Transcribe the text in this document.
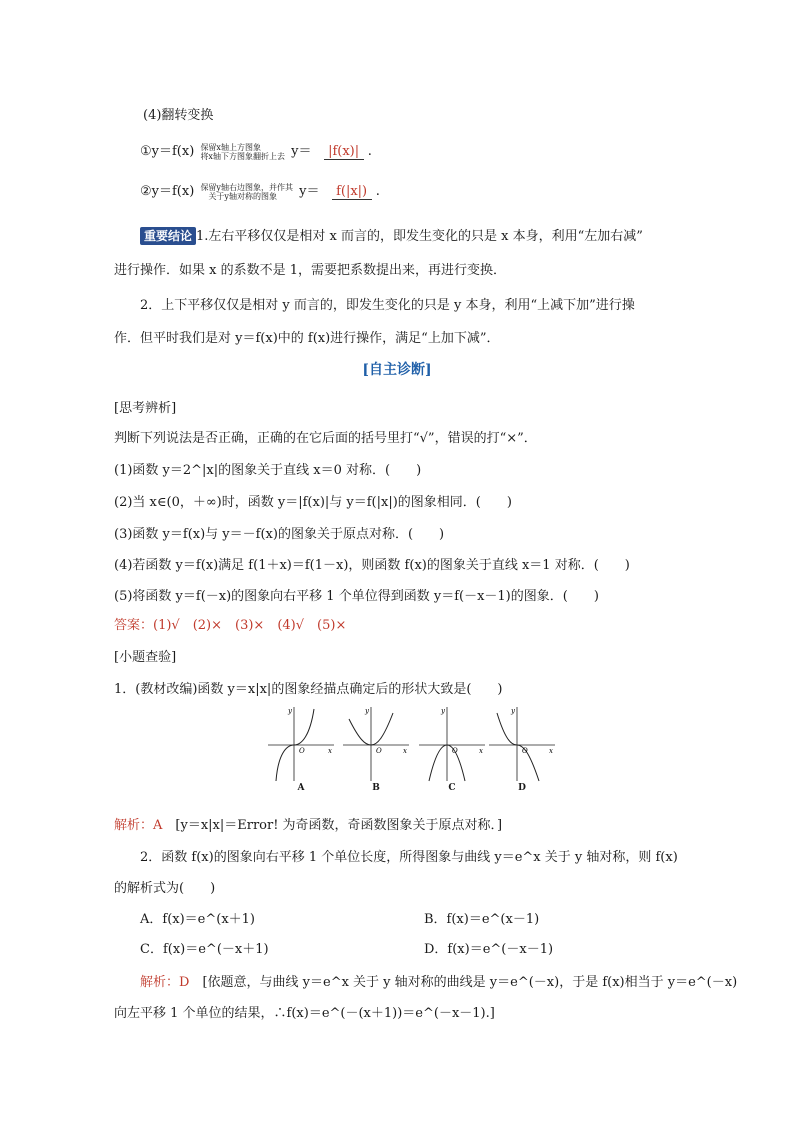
(4)翻转变换
①y＝f(x) 保留x轴上方图象
将x轴下方图象翻折上去 y＝ |f(x)| .
②y＝f(x) 保留y轴右边图象，并作其
关于y轴对称的图象	y＝ f(|x|) .
重要结论 1.左右平移仅仅是相对 x 而言的，即发生变化的只是 x 本身，利用“左加右减”
进行操作．如果 x 的系数不是 1，需要把系数提出来，再进行变换．
2．上下平移仅仅是相对 y 而言的，即发生变化的只是 y 本身，利用“上减下加”进行操
作．但平时我们是对 y＝f(x)中的 f(x)进行操作，满足“上加下减”．
[自主诊断]
[思考辨析]
判断下列说法是否正确，正确的在它后面的括号里打“√”，错误的打“×”．
(1)函数 y＝2^|x|的图象关于直线 x＝0 对称．(　　)
(2)当 x∈(0，＋∞)时，函数 y＝|f(x)|与 y＝f(|x|)的图象相同．(　　)
(3)函数 y＝f(x)与 y＝－f(x)的图象关于原点对称．(　　)
(4)若函数 y＝f(x)满足 f(1＋x)＝f(1－x)，则函数 f(x)的图象关于直线 x＝1 对称．(　　)
(5)将函数 y＝f(－x)的图象向右平移 1 个单位得到函数 y＝f(－x－1)的图象．(　　)
答案：(1)√　(2)×　(3)×　(4)√　(5)×
[小题查验]
1．(教材改编)函数 y＝x|x|的图象经描点确定后的形状大致是(　　)
y
x
O
y
x
O
y
x
O
y
x
O
A	B	C	D
解析：A　 [y＝x|x|＝Error! 为奇函数，奇函数图象关于原点对称．]
2．函数 f(x)的图象向右平移 1 个单位长度，所得图象与曲线 y＝e^x 关于 y 轴对称，则 f(x)
的解析式为(　　)
A．f(x)＝e^(x＋1)	B．f(x)＝e^(x－1)
C．f(x)＝e^(－x＋1)	D．f(x)＝e^(－x－1)
解析：D　 [依题意，与曲线 y＝e^x 关于 y 轴对称的曲线是 y＝e^(－x)，于是 f(x)相当于 y＝e^(－x)
向左平移 1 个单位的结果，∴f(x)＝e^(－(x＋1))＝e^(－x－1).]
